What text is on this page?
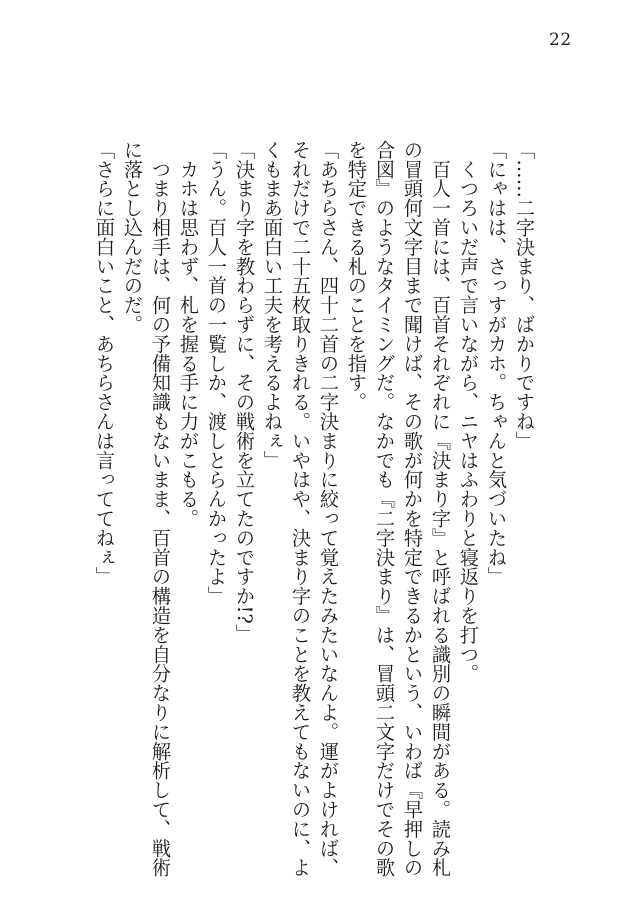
22

「……二字決まり、ばかりですね」

「にゃはは、さっすがカホ。ちゃんと気づいたね」

　くつろいだ声で言いながら、ニヤはふわりと寝返りを打つ。

　百人一首には、百首それぞれに『決まり字』と呼ばれる識別の瞬間がある。読み札

の冒頭何文字目まで聞けば、その歌が何かを特定できるかという、いわば『早押しの

合図』のようなタイミングだ。なかでも『二字決まり』は、冒頭二文字だけでその歌

を特定できる札のことを指す。

「あちらさん、四十二首の二字決まりに絞って覚えたみたいなんよ。運がよければ、

それだけで二十五枚取りきれる。いやはや、決まり字のことを教えてもないのに、よ

くもまあ面白い工夫を考えるよねぇ」

「決まり字を教わらずに、その戦術を立てたのですか!?」

「うん。百人一首の一覧しか、渡しとらんかったよ」

　カホは思わず、札を握る手に力がこもる。

　つまり相手は、何の予備知識もないまま、百首の構造を自分なりに解析して、戦術

に落とし込んだのだ。

「さらに面白いこと、あちらさんは言っててねぇ」
